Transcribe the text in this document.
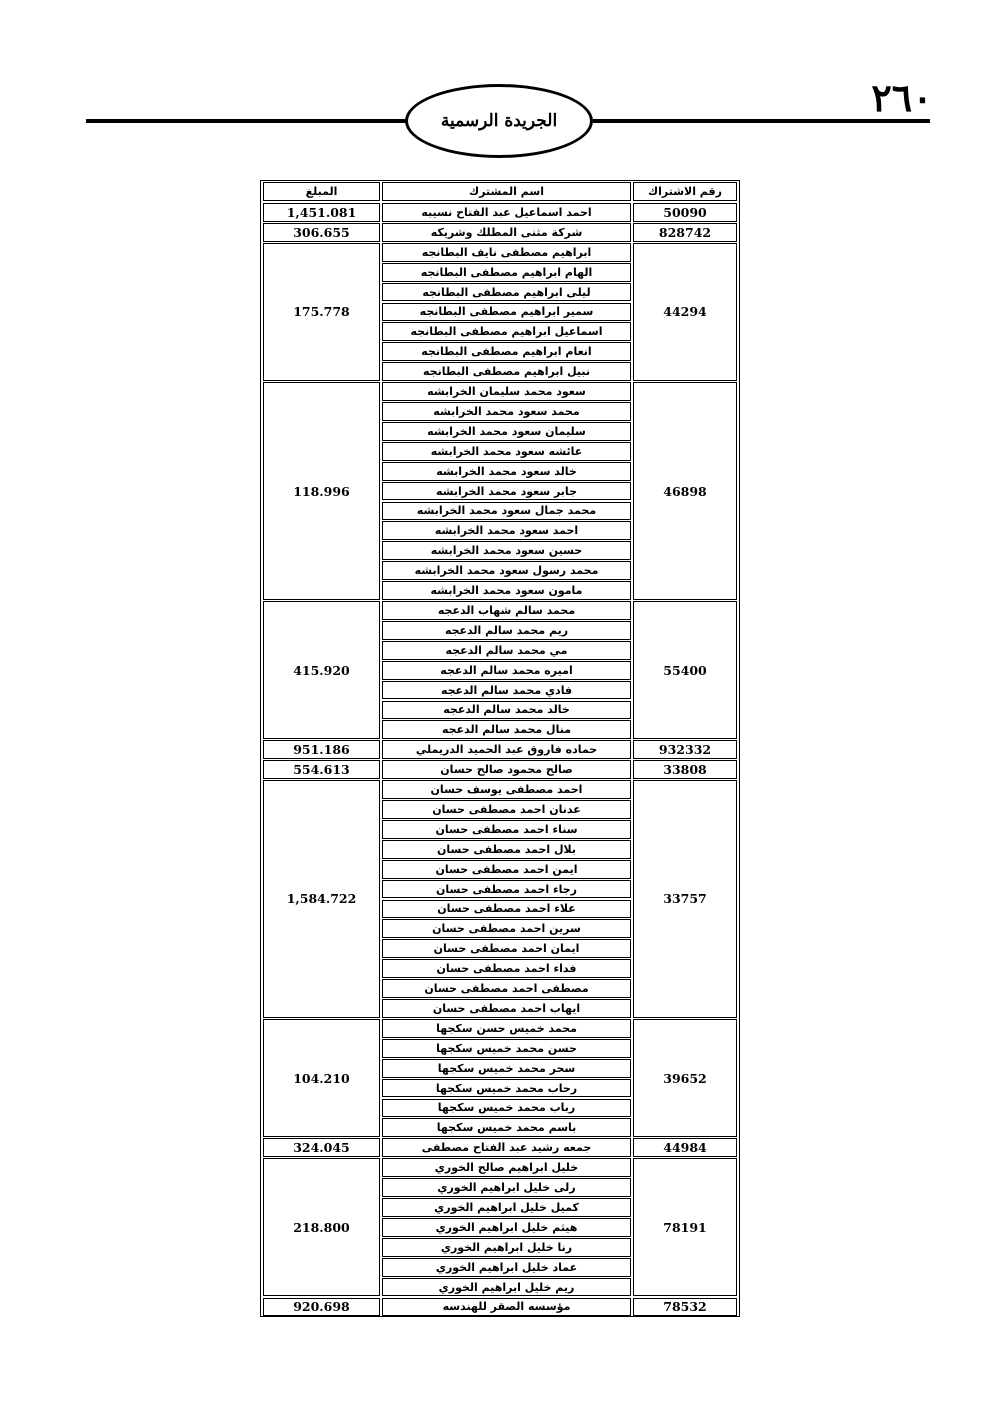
الجريدة الرسمية
٢٦٠
المبلغ
1,451.081
306.655
175.778
118.996
415.920
951.186
554.613
1,584.722
104.210
324.045
218.800
920.698
اسم المشترك
احمد اسماعيل عبد الفتاح نسيبه
شركة مثنى المطلك وشريكه
ابراهيم مصطفى نايف البطانجه
الهام ابراهيم مصطفى البطانجه
ليلى ابراهيم مصطفى البطانجه
سمير ابراهيم مصطفى البطانجه
اسماعيل ابراهيم مصطفى البطانجه
انعام ابراهيم مصطفى البطانجه
نبيل ابراهيم مصطفى البطانجه
سعود محمد سليمان الخرابشه
محمد سعود محمد الخرابشه
سليمان سعود محمد الخرابشه
عائشه سعود محمد الخرابشه
خالد سعود محمد الخرابشه
جابر سعود محمد الخرابشه
محمد جمال سعود محمد الخرابشه
احمد سعود محمد الخرابشه
حسين سعود محمد الخرابشه
محمد رسول سعود محمد الخرابشه
مامون سعود محمد الخرابشه
محمد سالم شهاب الدعجه
ريم محمد سالم الدعجه
مي محمد سالم الدعجه
اميره محمد سالم الدعجه
فادي محمد سالم الدعجه
خالد محمد سالم الدعجه
منال محمد سالم الدعجه
حماده فاروق عبد الحميد الدريملي
صالح محمود صالح حسان
احمد مصطفى يوسف حسان
عدنان احمد مصطفى حسان
سناء احمد مصطفى حسان
بلال احمد مصطفى حسان
ايمن احمد مصطفى حسان
رجاء احمد مصطفى حسان
علاء احمد مصطفى حسان
سرين احمد مصطفى حسان
ايمان احمد مصطفى حسان
فداء احمد مصطفى حسان
مصطفى احمد مصطفى حسان
ايهاب احمد مصطفى حسان
محمد خميس حسن سكجها
حسن محمد خميس سكجها
سحر محمد خميس سكجها
رحاب محمد خميس سكجها
رباب محمد خميس سكجها
باسم محمد خميس سكجها
جمعه رشيد عبد الفتاح مصطفى
خليل ابراهيم صالح الخوري
رلى خليل ابراهيم الخوري
كميل خليل ابراهيم الخوري
هيثم خليل ابراهيم الخوري
رنا خليل ابراهيم الخوري
عماد خليل ابراهيم الخوري
ريم خليل ابراهيم الخوري
مؤسسه الصقر للهندسه
رقم الاشتراك
50090
828742
44294
46898
55400
932332
33808
33757
39652
44984
78191
78532
